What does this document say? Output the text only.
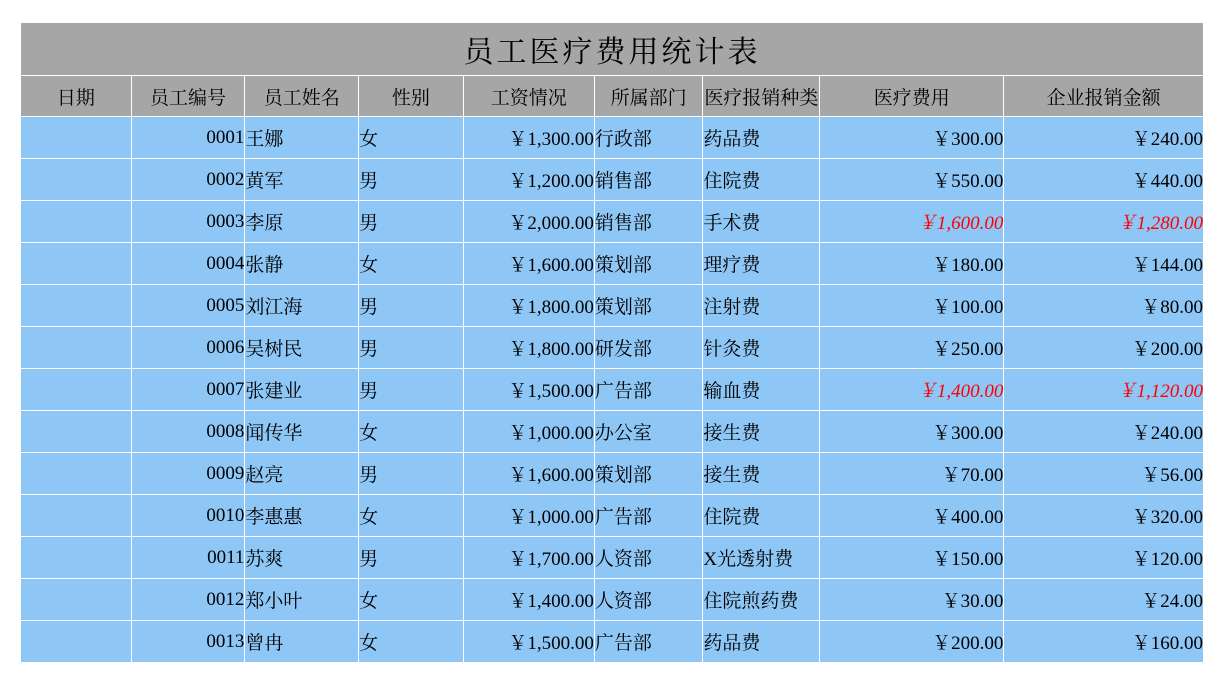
员工医疗费用统计表								
日期	员工编号	员工姓名	性别	工资情况	所属部门	医疗报销种类	医疗费用	企业报销金额
	0001	王娜	女	￥1,300.00	行政部	药品费	￥300.00	￥240.00
	0002	黄军	男	￥1,200.00	销售部	住院费	￥550.00	￥440.00
	0003	李原	男	￥2,000.00	销售部	手术费	￥1,600.00	￥1,280.00
	0004	张静	女	￥1,600.00	策划部	理疗费	￥180.00	￥144.00
	0005	刘江海	男	￥1,800.00	策划部	注射费	￥100.00	￥80.00
	0006	吴树民	男	￥1,800.00	研发部	针灸费	￥250.00	￥200.00
	0007	张建业	男	￥1,500.00	广告部	输血费	￥1,400.00	￥1,120.00
	0008	闻传华	女	￥1,000.00	办公室	接生费	￥300.00	￥240.00
	0009	赵亮	男	￥1,600.00	策划部	接生费	￥70.00	￥56.00
	0010	李惠惠	女	￥1,000.00	广告部	住院费	￥400.00	￥320.00
	0011	苏爽	男	￥1,700.00	人资部	X光透射费	￥150.00	￥120.00
	0012	郑小叶	女	￥1,400.00	人资部	住院煎药费	￥30.00	￥24.00
	0013	曾冉	女	￥1,500.00	广告部	药品费	￥200.00	￥160.00
